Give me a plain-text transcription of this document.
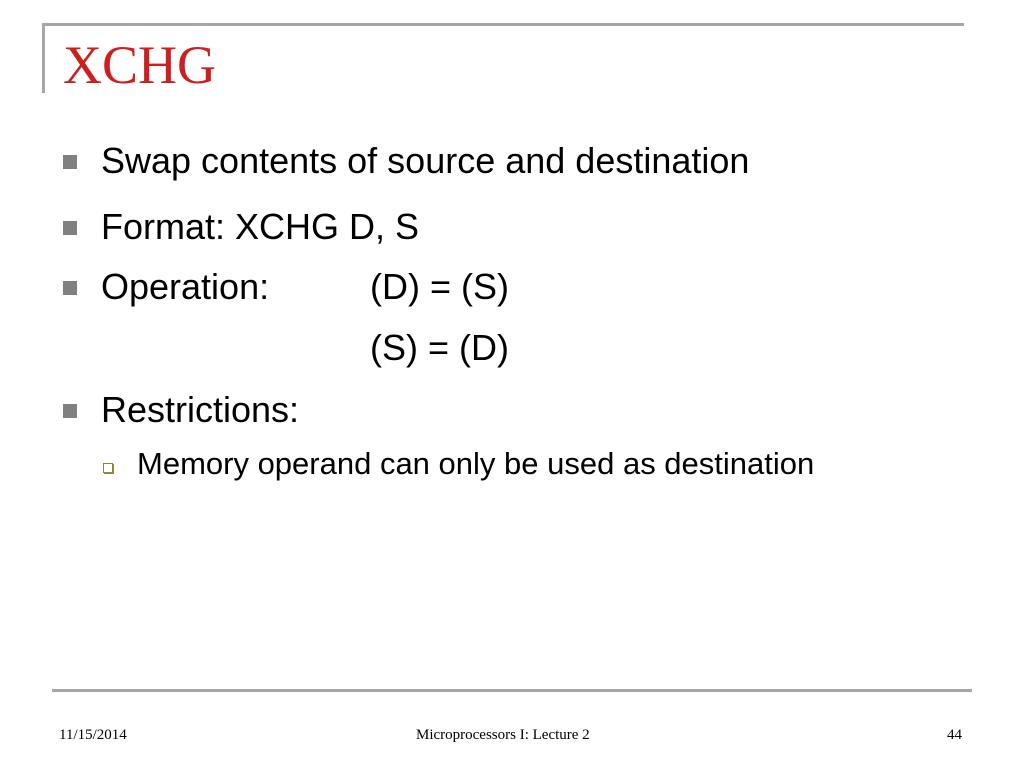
XCHG
Swap contents of source and destination
Format: XCHG D, S
Operation:	(D) = (S)
(S) = (D)
Restrictions:
Memory operand can only be used as destination
11/15/2014	Microprocessors I: Lecture 2	44
